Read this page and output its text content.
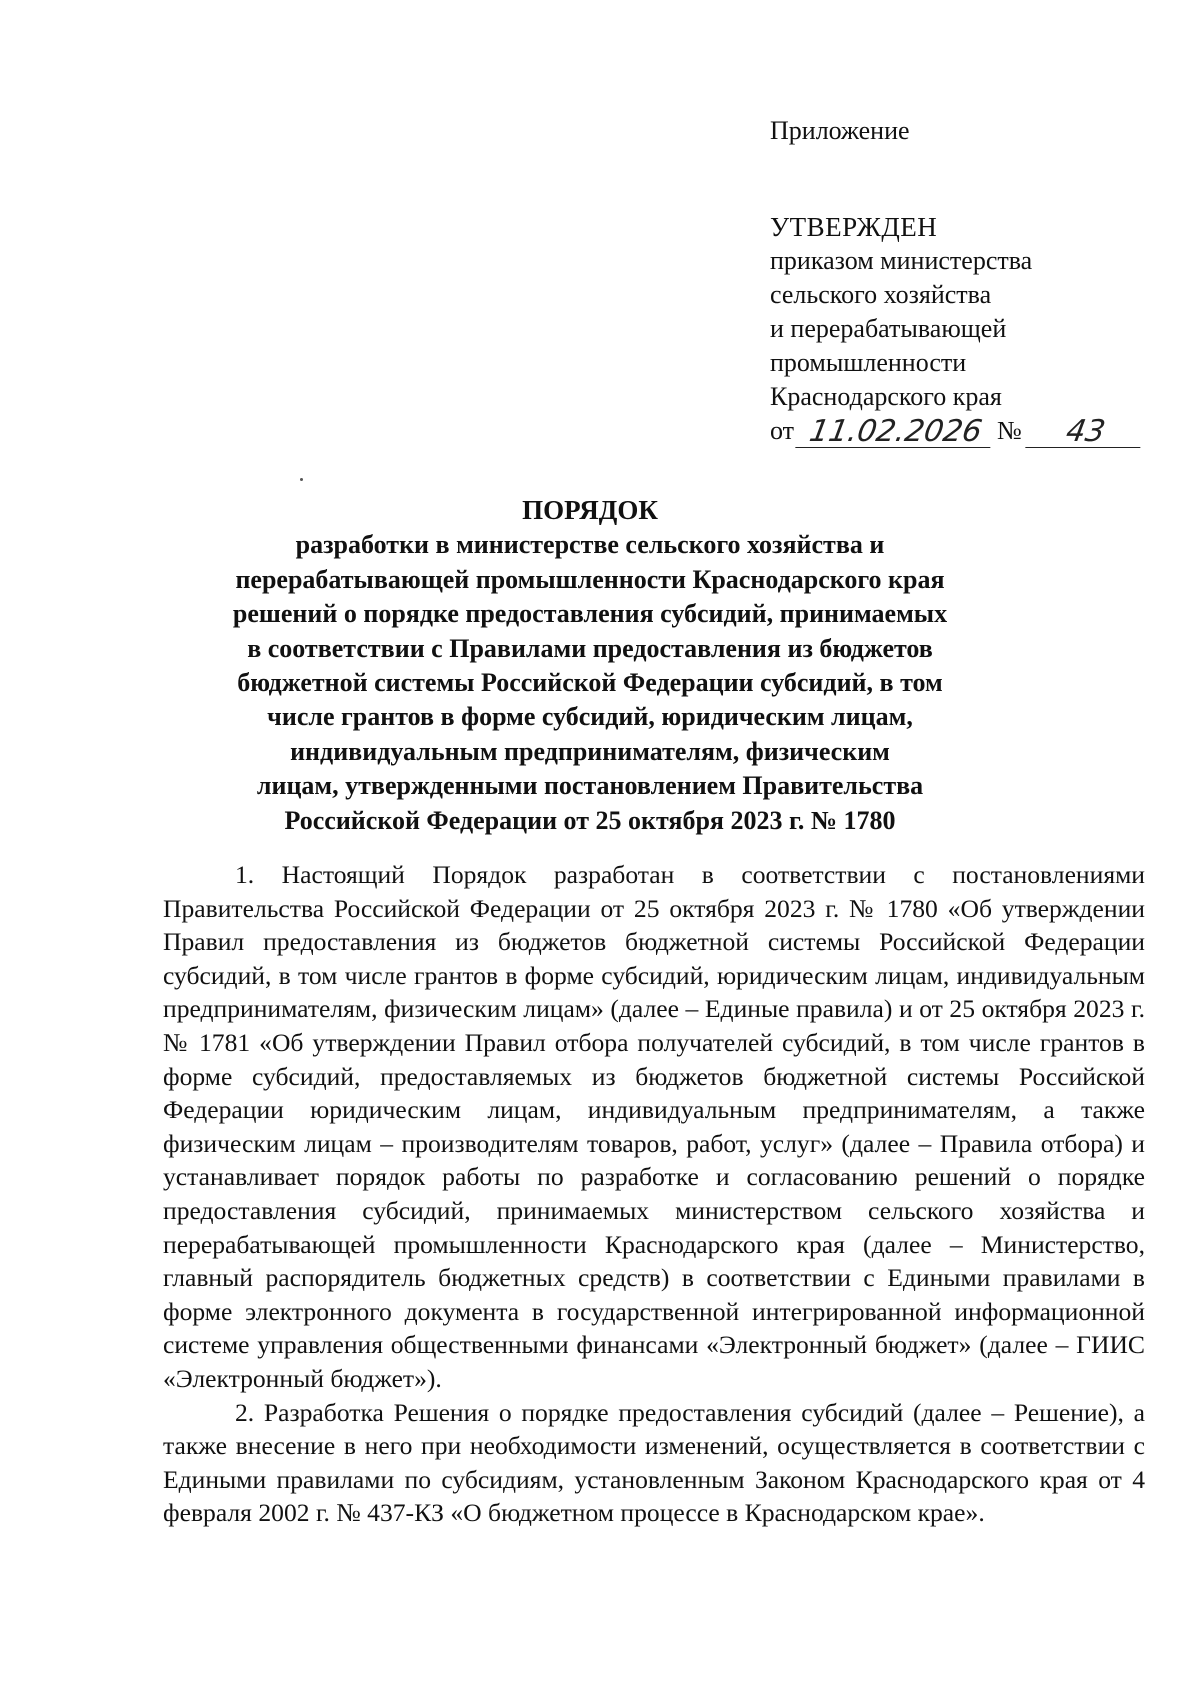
Приложение
УТВЕРЖДЕН
приказом министерства
сельского хозяйства
и перерабатывающей
промышленности
Краснодарского края
от 11.02.2026 №	43
ПОРЯДОК
разработки в министерстве сельского хозяйства и
перерабатывающей промышленности Краснодарского края
решений о порядке предоставления субсидий, принимаемых
в соответствии с Правилами предоставления из бюджетов
бюджетной системы Российской Федерации субсидий, в том
числе грантов в форме субсидий, юридическим лицам,
индивидуальным предпринимателям, физическим
лицам, утвержденными постановлением Правительства
Российской Федерации от 25 октября 2023 г. № 1780

1. Настоящий Порядок разработан в соответствии с постановлениями Правительства Российской Федерации от 25 октября 2023 г. № 1780 «Об утверждении Правил предоставления из бюджетов бюджетной системы Российской Федерации субсидий, в том числе грантов в форме субсидий, юридическим лицам, индивидуальным предпринимателям, физическим лицам» (далее – Единые правила) и от 25 октября 2023 г. № 1781 «Об утверждении Правил отбора получателей субсидий, в том числе грантов в форме субсидий, предоставляемых из бюджетов бюджетной системы Российской Федерации юридическим лицам, индивидуальным предпринимателям, а также физическим лицам – производителям товаров, работ, услуг» (далее – Правила отбора) и устанавливает порядок работы по разработке и согласованию решений о порядке предоставления субсидий, принимаемых министерством сельского хозяйства и перерабатывающей промышленности Краснодарского края (далее – Министерство, главный распорядитель бюджетных средств) в соответствии с Едиными правилами в форме электронного документа в государственной интегрированной информационной системе управления общественными финансами «Электронный бюджет» (далее – ГИИС «Электронный бюджет»).

2. Разработка Решения о порядке предоставления субсидий (далее – Решение), а также внесение в него при необходимости изменений, осуществляется в соответствии с Едиными правилами по субсидиям, установленным Законом Краснодарского края от 4 февраля 2002 г. № 437-КЗ «О бюджетном процессе в Краснодарском крае».
